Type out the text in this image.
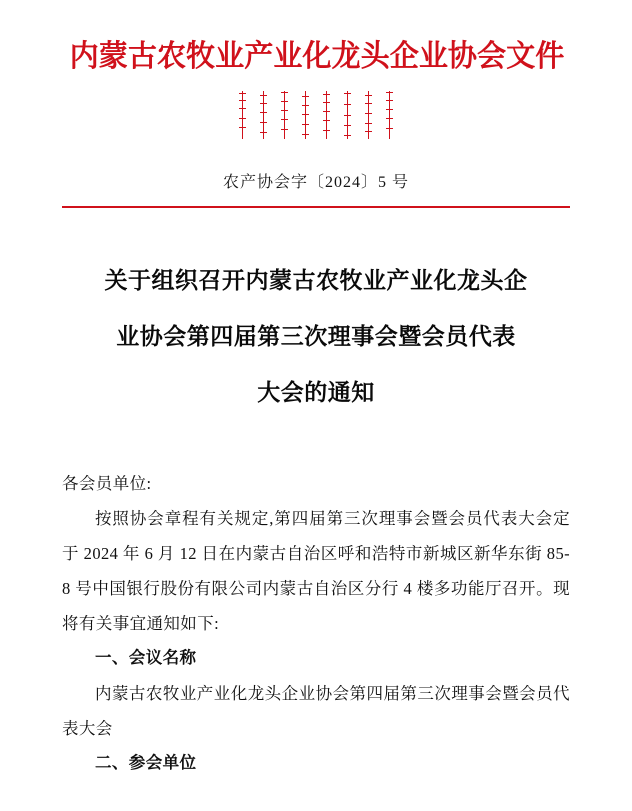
内蒙古农牧业产业化龙头企业协会文件
农产协会字〔2024〕5 号
关于组织召开内蒙古农牧业产业化龙头企
业协会第四届第三次理事会暨会员代表
大会的通知
各会员单位:
按照协会章程有关规定,第四届第三次理事会暨会员代表大会定于 2024 年 6 月 12 日在内蒙古自治区呼和浩特市新城区新华东街 85-8 号中国银行股份有限公司内蒙古自治区分行 4 楼多功能厅召开。现将有关事宜通知如下:
一、会议名称
内蒙古农牧业产业化龙头企业协会第四届第三次理事会暨会员代表大会
二、参会单位
